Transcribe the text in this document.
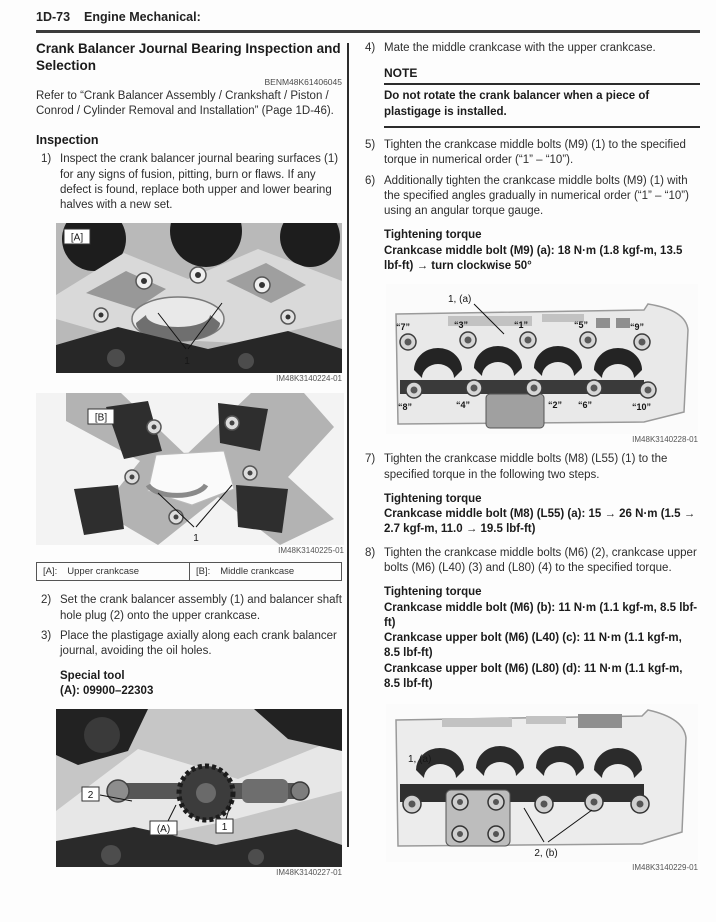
1D-73 Engine Mechanical:
Crank Balancer Journal Bearing Inspection and Selection
BENM48K61406045

Refer to “Crank Balancer Assembly / Crankshaft / Piston / Conrod / Cylinder Removal and Installation” (Page 1D-46).

Inspection
1) Inspect the crank balancer journal bearing surfaces (1) for any signs of fusion, pitting, burn or flaws. If any defect is found, replace both upper and lower bearing halves with a new set.
[A]
1
IM48K3140224-01
[B]
1
IM48K3140225-01
[A]: Upper crankcase	[B]: Middle crankcase
2) Set the crank balancer assembly (1) and balancer shaft hole plug (2) onto the upper crankcase.
3) Place the plastigage axially along each crank balancer journal, avoiding the oil holes.
Special tool
(A): 09900–22303
2
(A)	1
IM48K3140227-01
4) Mate the middle crankcase with the upper crankcase.
NOTE
Do not rotate the crank balancer when a piece of plastigage is installed.
5) Tighten the crankcase middle bolts (M9) (1) to the specified torque in numerical order (“1” – “10”).
6) Additionally tighten the crankcase middle bolts (M9) (1) with the specified angles gradually in numerical order (“1” – “10”) using an angular torque gauge.
Tightening torque
Crankcase middle bolt (M9) (a): 18 N·m (1.8 kgf-m, 13.5 lbf-ft) → turn clockwise 50°
“7”	“3”	“1”	“5”	“9”
“8”	“4”	“2” “6”	“10”
1, (a)
IM48K3140228-01
7) Tighten the crankcase middle bolts (M8) (L55) (1) to the specified torque in the following two steps.
Tightening torque
Crankcase middle bolt (M8) (L55) (a): 15 → 26 N·m (1.5 → 2.7 kgf-m, 11.0 → 19.5 lbf-ft)
8) Tighten the crankcase middle bolts (M6) (2), crankcase upper bolts (M6) (L40) (3) and (L80) (4) to the specified torque.
Tightening torque
Crankcase middle bolt (M6) (b): 11 N·m (1.1 kgf-m, 8.5 lbf-ft)
Crankcase upper bolt (M6) (L40) (c): 11 N·m (1.1 kgf-m, 8.5 lbf-ft)
Crankcase upper bolt (M6) (L80) (d): 11 N·m (1.1 kgf-m, 8.5 lbf-ft)
1, (a)
2, (b)
IM48K3140229-01
